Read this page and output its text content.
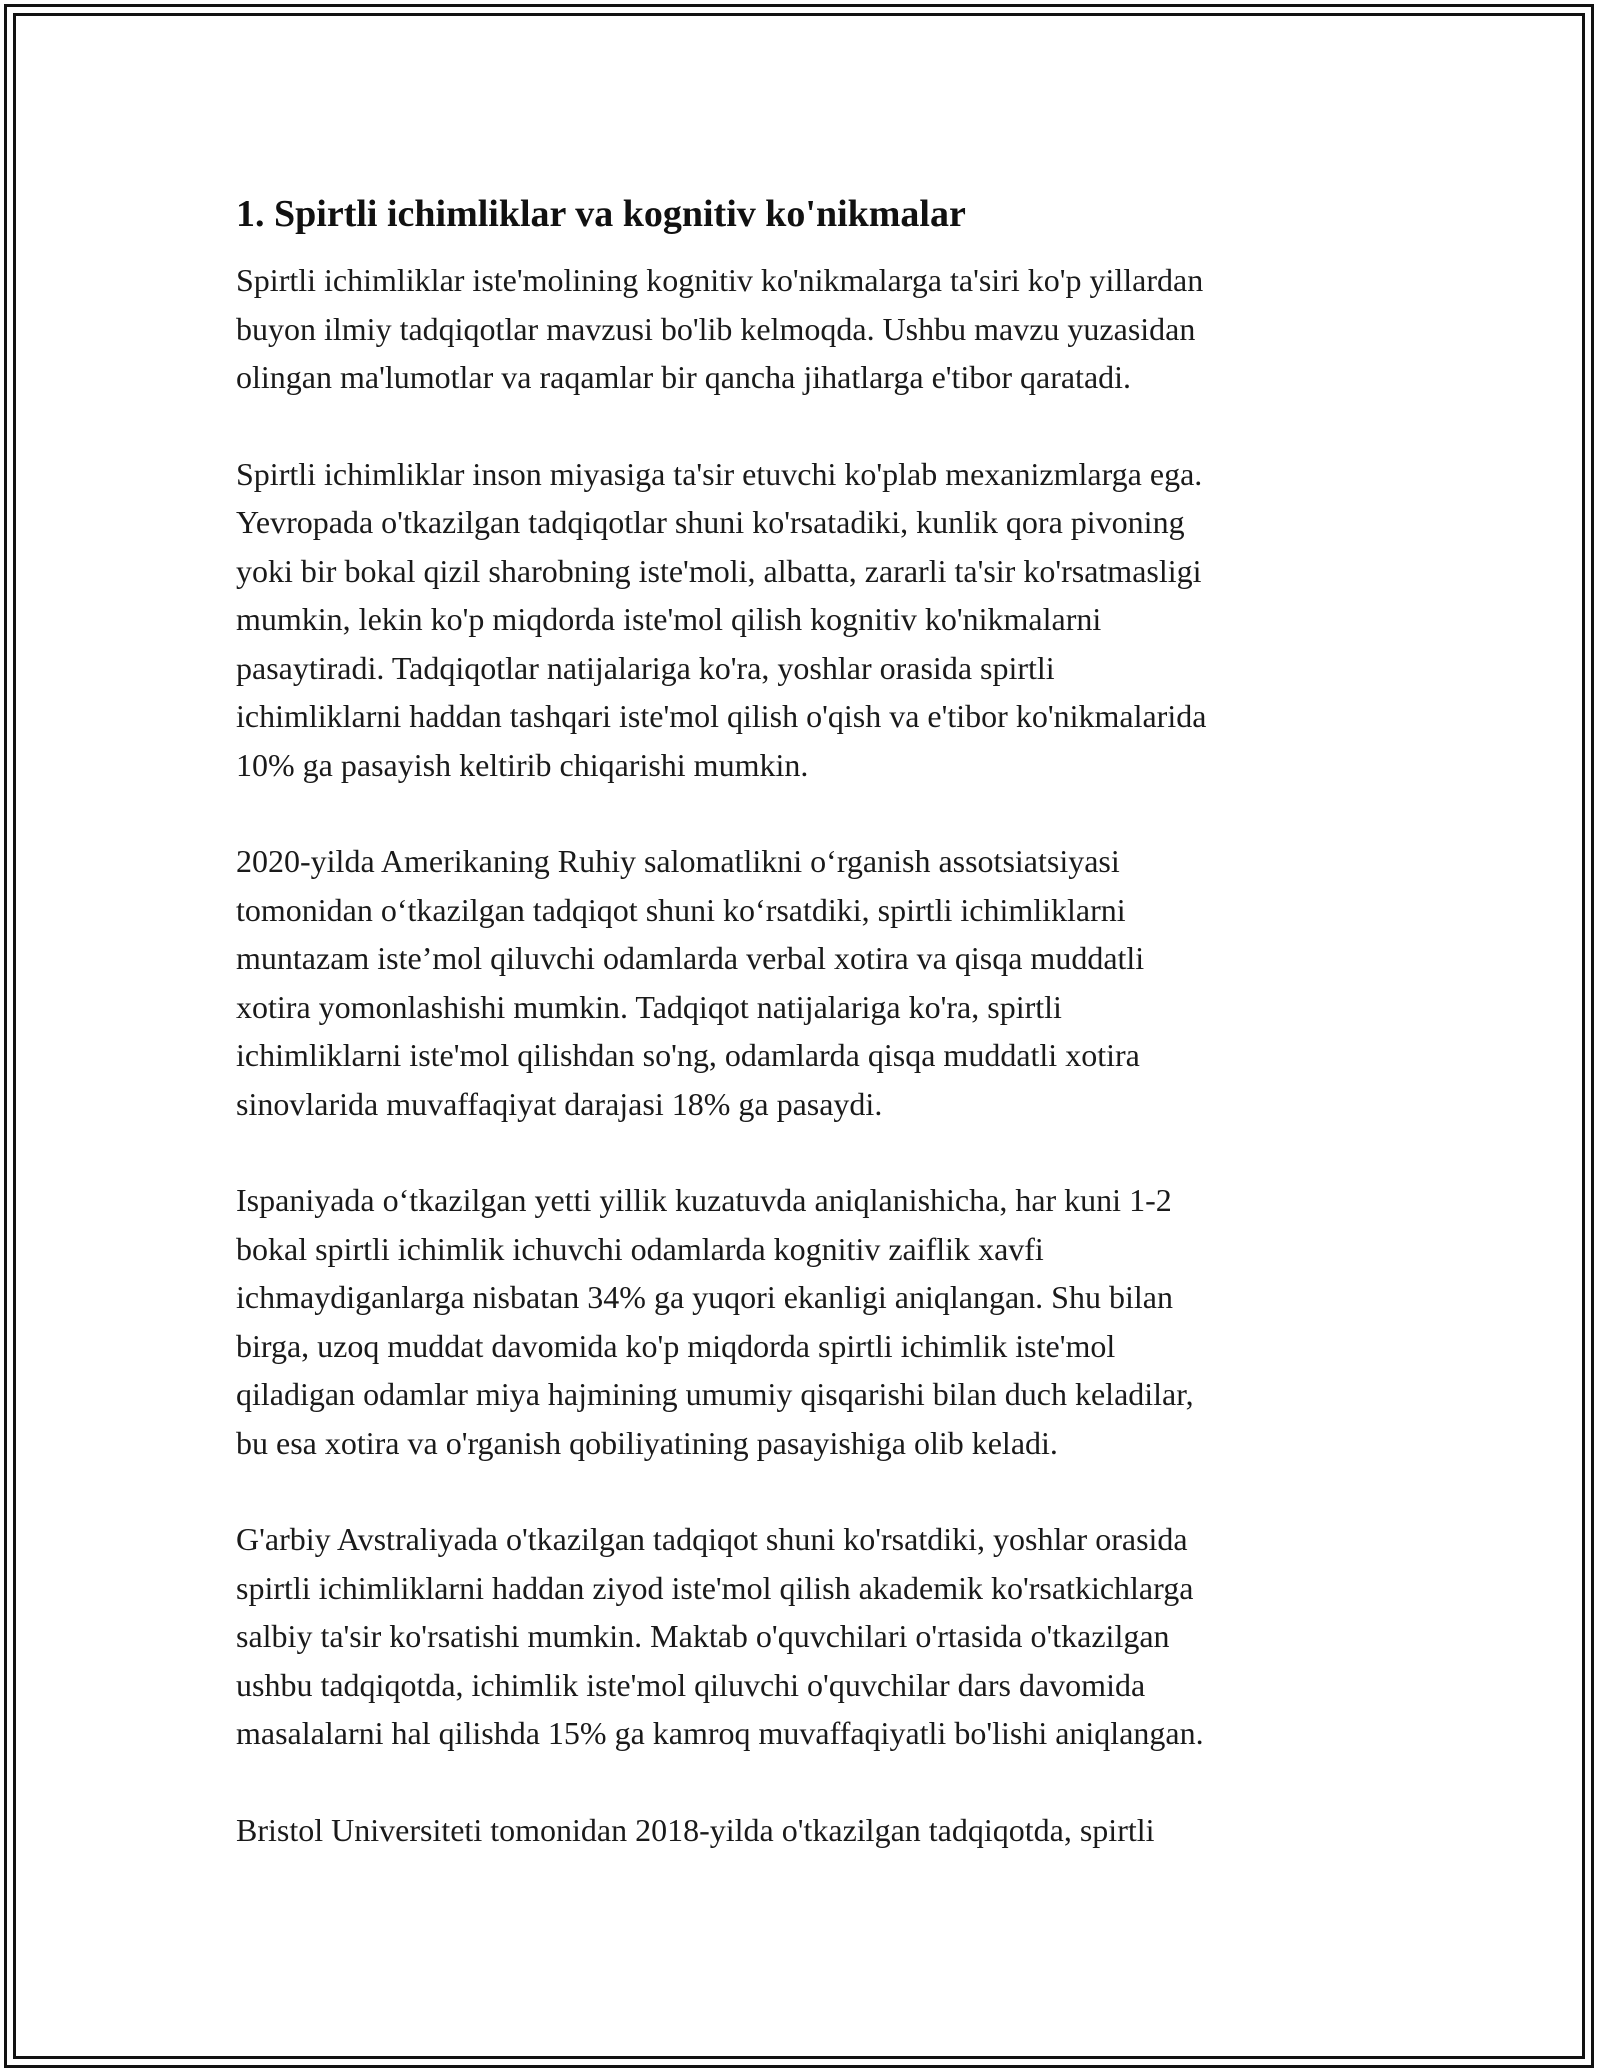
1. Spirtli ichimliklar va kognitiv ko'nikmalar

Spirtli ichimliklar iste'molining kognitiv ko'nikmalarga ta'siri ko'p yillardan
buyon ilmiy tadqiqotlar mavzusi bo'lib kelmoqda. Ushbu mavzu yuzasidan
olingan ma'lumotlar va raqamlar bir qancha jihatlarga e'tibor qaratadi.

Spirtli ichimliklar inson miyasiga ta'sir etuvchi ko'plab mexanizmlarga ega.
Yevropada o'tkazilgan tadqiqotlar shuni ko'rsatadiki, kunlik qora pivoning
yoki bir bokal qizil sharobning iste'moli, albatta, zararli ta'sir ko'rsatmasligi
mumkin, lekin ko'p miqdorda iste'mol qilish kognitiv ko'nikmalarni
pasaytiradi. Tadqiqotlar natijalariga ko'ra, yoshlar orasida spirtli
ichimliklarni haddan tashqari iste'mol qilish o'qish va e'tibor ko'nikmalarida
10% ga pasayish keltirib chiqarishi mumkin.

2020-yilda Amerikaning Ruhiy salomatlikni oʻrganish assotsiatsiyasi
tomonidan oʻtkazilgan tadqiqot shuni koʻrsatdiki, spirtli ichimliklarni
muntazam iste’mol qiluvchi odamlarda verbal xotira va qisqa muddatli
xotira yomonlashishi mumkin. Tadqiqot natijalariga ko'ra, spirtli
ichimliklarni iste'mol qilishdan so'ng, odamlarda qisqa muddatli xotira
sinovlarida muvaffaqiyat darajasi 18% ga pasaydi.

Ispaniyada oʻtkazilgan yetti yillik kuzatuvda aniqlanishicha, har kuni 1-2
bokal spirtli ichimlik ichuvchi odamlarda kognitiv zaiflik xavfi
ichmaydiganlarga nisbatan 34% ga yuqori ekanligi aniqlangan. Shu bilan
birga, uzoq muddat davomida ko'p miqdorda spirtli ichimlik iste'mol
qiladigan odamlar miya hajmining umumiy qisqarishi bilan duch keladilar,
bu esa xotira va o'rganish qobiliyatining pasayishiga olib keladi.

G'arbiy Avstraliyada o'tkazilgan tadqiqot shuni ko'rsatdiki, yoshlar orasida
spirtli ichimliklarni haddan ziyod iste'mol qilish akademik ko'rsatkichlarga
salbiy ta'sir ko'rsatishi mumkin. Maktab o'quvchilari o'rtasida o'tkazilgan
ushbu tadqiqotda, ichimlik iste'mol qiluvchi o'quvchilar dars davomida
masalalarni hal qilishda 15% ga kamroq muvaffaqiyatli bo'lishi aniqlangan.

Bristol Universiteti tomonidan 2018-yilda o'tkazilgan tadqiqotda, spirtli
